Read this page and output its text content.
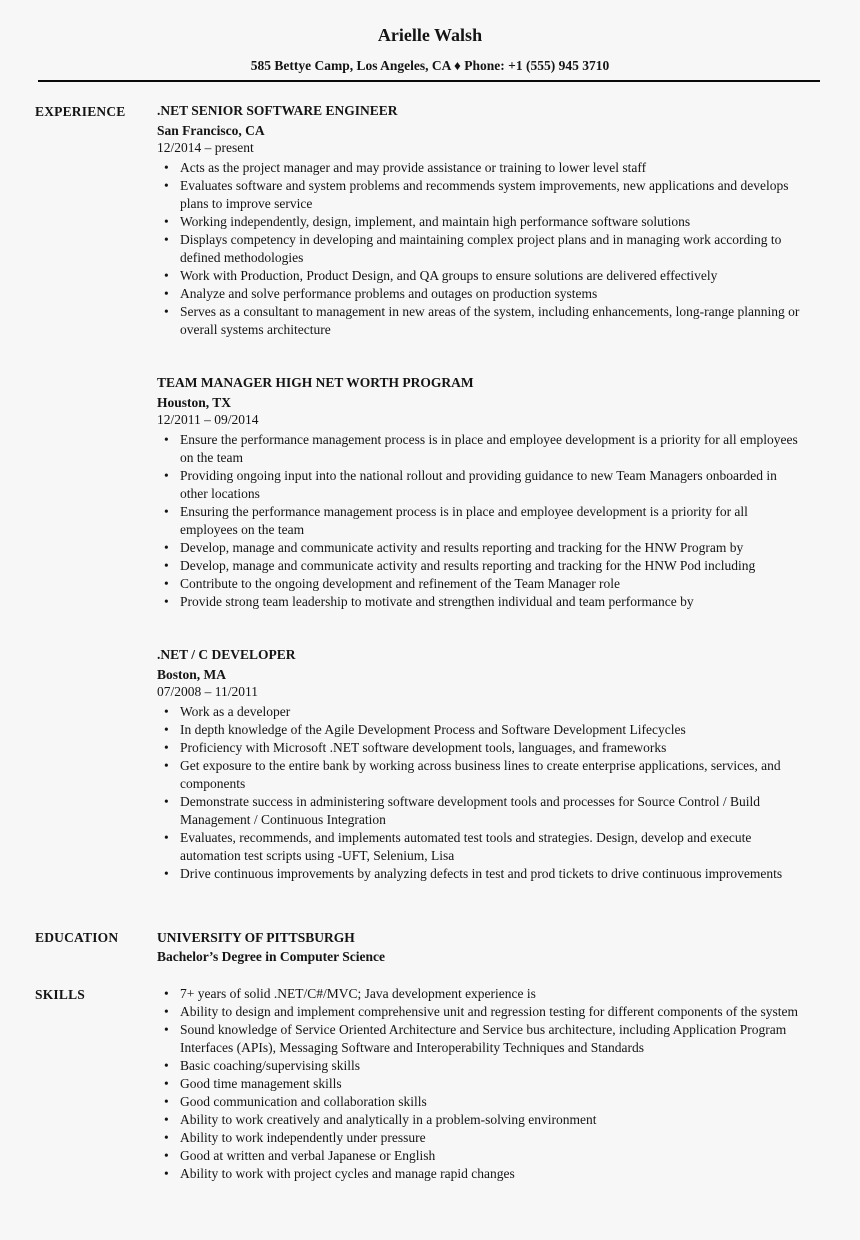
Arielle Walsh
585 Bettye Camp, Los Angeles, CA ♦ Phone: +1 (555) 945 3710
EXPERIENCE	.NET SENIOR SOFTWARE ENGINEER
San Francisco, CA
12/2014 – present
• Acts as the project manager and may provide assistance or training to lower level staff
• Evaluates software and system problems and recommends system improvements, new applications and develops plans to improve service
• Working independently, design, implement, and maintain high performance software solutions
• Displays competency in developing and maintaining complex project plans and in managing work according to defined methodologies
• Work with Production, Product Design, and QA groups to ensure solutions are delivered effectively
• Analyze and solve performance problems and outages on production systems
• Serves as a consultant to management in new areas of the system, including enhancements, long-range planning or overall systems architecture
TEAM MANAGER HIGH NET WORTH PROGRAM
Houston, TX
12/2011 – 09/2014
• Ensure the performance management process is in place and employee development is a priority for all employees on the team
• Providing ongoing input into the national rollout and providing guidance to new Team Managers onboarded in other locations
• Ensuring the performance management process is in place and employee development is a priority for all employees on the team
• Develop, manage and communicate activity and results reporting and tracking for the HNW Program by
• Develop, manage and communicate activity and results reporting and tracking for the HNW Pod including
• Contribute to the ongoing development and refinement of the Team Manager role
• Provide strong team leadership to motivate and strengthen individual and team performance by
.NET / C DEVELOPER
Boston, MA
07/2008 – 11/2011
• Work as a developer
• In depth knowledge of the Agile Development Process and Software Development Lifecycles
• Proficiency with Microsoft .NET software development tools, languages, and frameworks
• Get exposure to the entire bank by working across business lines to create enterprise applications, services, and components
• Demonstrate success in administering software development tools and processes for Source Control / Build Management / Continuous Integration
• Evaluates, recommends, and implements automated test tools and strategies. Design, develop and execute automation test scripts using -UFT, Selenium, Lisa
• Drive continuous improvements by analyzing defects in test and prod tickets to drive continuous improvements
EDUCATION	UNIVERSITY OF PITTSBURGH
Bachelor’s Degree in Computer Science
SKILLS	• 7+ years of solid .NET/C#/MVC; Java development experience is
• Ability to design and implement comprehensive unit and regression testing for different components of the system
• Sound knowledge of Service Oriented Architecture and Service bus architecture, including Application Program Interfaces (APIs), Messaging Software and Interoperability Techniques and Standards
• Basic coaching/supervising skills
• Good time management skills
• Good communication and collaboration skills
• Ability to work creatively and analytically in a problem-solving environment
• Ability to work independently under pressure
• Good at written and verbal Japanese or English
• Ability to work with project cycles and manage rapid changes
